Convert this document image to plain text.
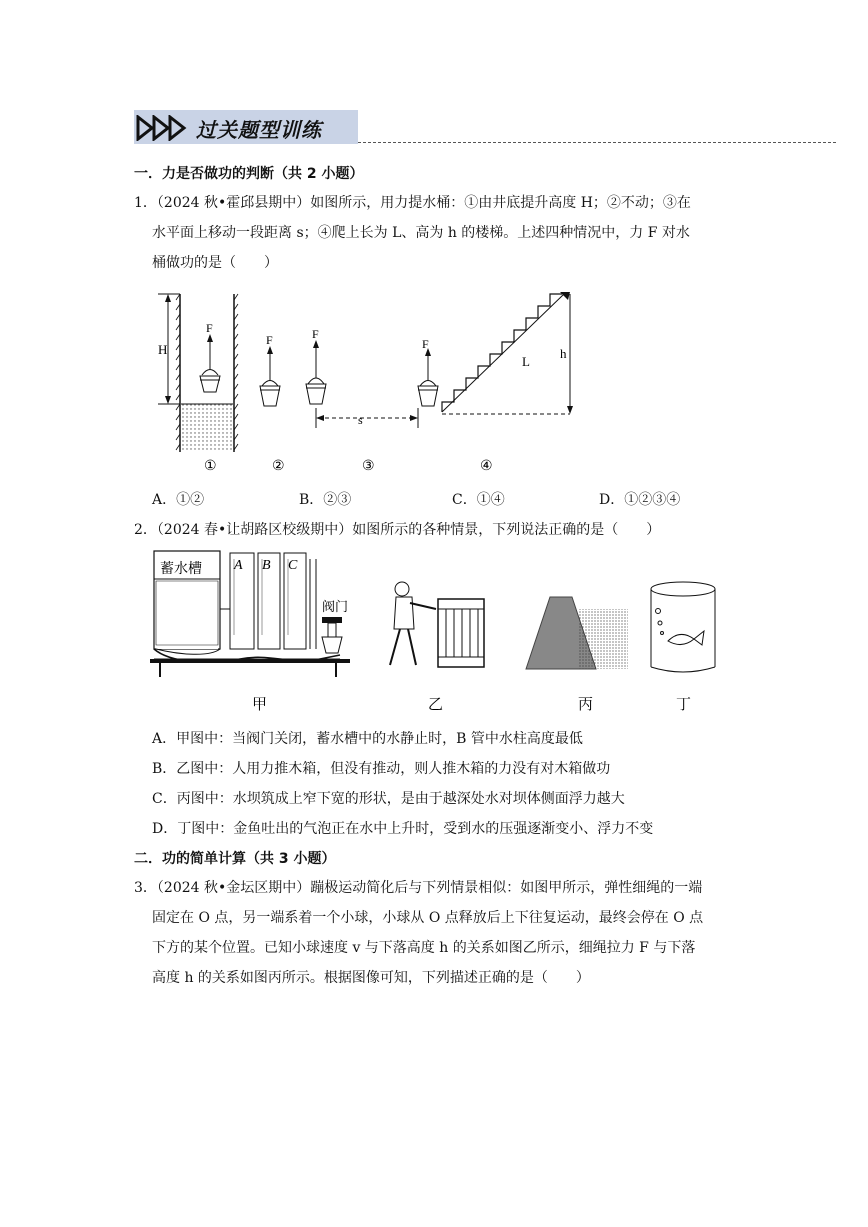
过关题型训练
一．力是否做功的判断（共 2 小题）
1．（2024 秋•霍邱县期中）如图所示，用力提水桶：①由井底提升高度 H；②不动；③在
水平面上移动一段距离 s；④爬上长为 L、高为 h 的楼梯。上述四种情况中，力 F 对水
桶做功的是（　　）
H
F
F	F
s
F
L
h
①	②	③	④
A．①②	B．②③	C．①④	D．①②③④
2．（2024 春•让胡路区校级期中）如图所示的各种情景，下列说法正确的是（　　）
蓄水槽 A B C
阀门
甲	乙	丙	丁
A．甲图中：当阀门关闭，蓄水槽中的水静止时，B 管中水柱高度最低
B．乙图中：人用力推木箱，但没有推动，则人推木箱的力没有对木箱做功
C．丙图中：水坝筑成上窄下宽的形状，是由于越深处水对坝体侧面浮力越大
D．丁图中：金鱼吐出的气泡正在水中上升时，受到水的压强逐渐变小、浮力不变
二．功的简单计算（共 3 小题）
3．（2024 秋•金坛区期中）蹦极运动简化后与下列情景相似：如图甲所示，弹性细绳的一端
固定在 O 点，另一端系着一个小球，小球从 O 点释放后上下往复运动，最终会停在 O 点
下方的某个位置。已知小球速度 v 与下落高度 h 的关系如图乙所示，细绳拉力 F 与下落
高度 h 的关系如图丙所示。根据图像可知，下列描述正确的是（　　）
